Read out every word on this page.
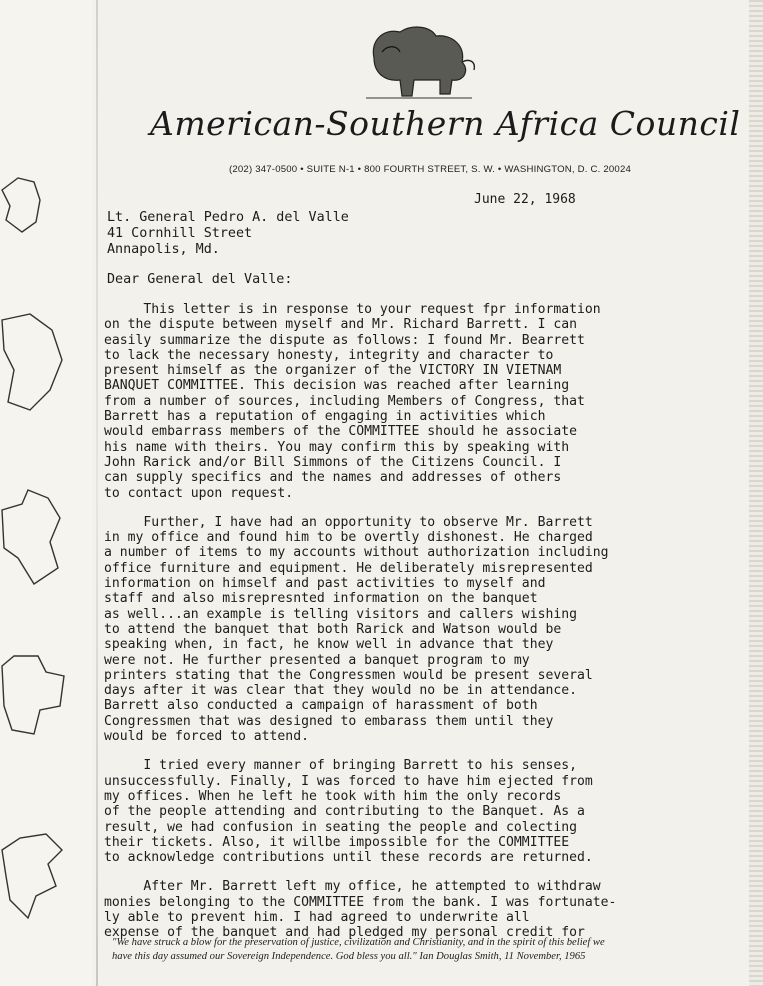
American-Southern Africa Council
(202) 347-0500 • SUITE N-1 • 800 FOURTH STREET, S. W. • WASHINGTON, D. C. 20024
June 22, 1968
Lt. General Pedro A. del Valle
41 Cornhill Street
Annapolis, Md.
Dear General del Valle:
This letter is in response to your request fpr information
on the dispute between myself and Mr. Richard Barrett. I can
easily summarize the dispute as follows: I found Mr. Bearrett
to lack the necessary honesty, integrity and character to
present himself as the organizer of the VICTORY IN VIETNAM
BANQUET COMMITTEE. This decision was reached after learning
from a number of sources, including Members of Congress, that
Barrett has a reputation of engaging in activities which
would embarrass members of the COMMITTEE should he associate
his name with theirs. You may confirm this by speaking with
John Rarick and/or Bill Simmons of the Citizens Council. I
can supply specifics and the names and addresses of others
to contact upon request.
Further, I have had an opportunity to observe Mr. Barrett
in my office and found him to be overtly dishonest. He charged
a number of items to my accounts without authorization including
office furniture and equipment. He deliberately misrepresented
information on himself and past activities to myself and
staff and also misrepresnted information on the banquet
as well...an example is telling visitors and callers wishing
to attend the banquet that both Rarick and Watson would be
speaking when, in fact, he know well in advance that they
were not. He further presented a banquet program to my
printers stating that the Congressmen would be present several
days after it was clear that they would no be in attendance.
Barrett also conducted a campaign of harassment of both
Congressmen that was designed to embarass them until they
would be forced to attend.
I tried every manner of bringing Barrett to his senses,
unsuccessfully. Finally, I was forced to have him ejected from
my offices. When he left he took with him the only records
of the people attending and contributing to the Banquet. As a
result, we had confusion in seating the people and colecting
their tickets. Also, it willbe impossible for the COMMITTEE
to acknowledge contributions until these records are returned.
After Mr. Barrett left my office, he attempted to withdraw
monies belonging to the COMMITTEE from the bank. I was fortunate-
ly able to prevent him. I had agreed to underwrite all
expense of the banquet and had pledged my personal credit for
"We have struck a blow for the preservation of justice, civilization and Christianity, and in the spirit of this belief we
have this day assumed our Sovereign Independence. God bless you all." Ian Douglas Smith, 11 November, 1965
